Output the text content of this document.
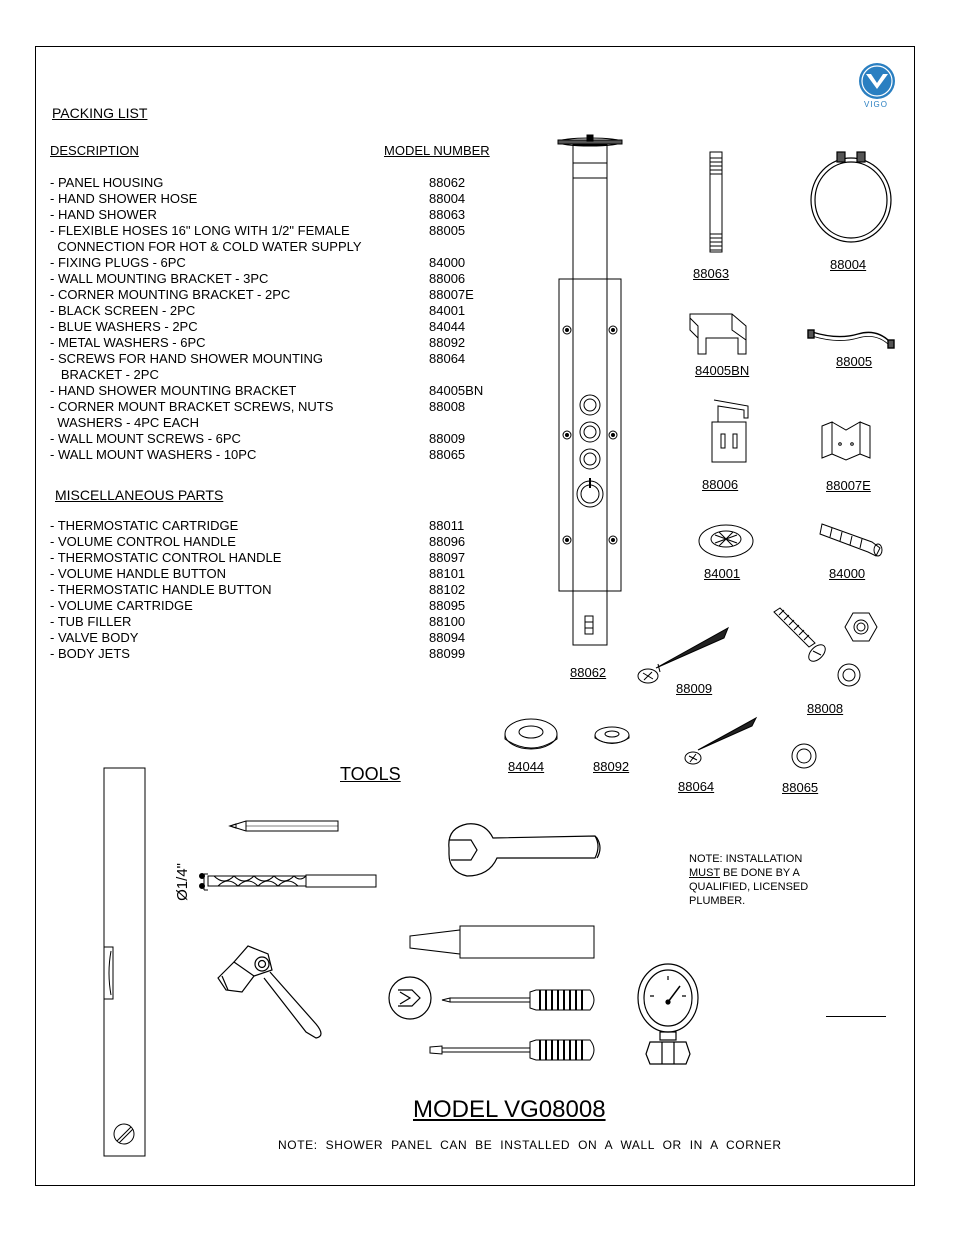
VIGO
PACKING LIST
DESCRIPTION	MODEL NUMBER
- PANEL HOUSING	88062
- HAND SHOWER HOSE	88004
- HAND SHOWER	88063
- FLEXIBLE HOSES 16" LONG WITH 1/2" FEMALE	88005
CONNECTION FOR HOT & COLD WATER SUPPLY
- FIXING PLUGS - 6PC	84000
- WALL MOUNTING BRACKET - 3PC	88006
- CORNER MOUNTING BRACKET - 2PC	88007E
- BLACK SCREEN - 2PC	84001
- BLUE WASHERS - 2PC	84044
- METAL WASHERS - 6PC	88092
- SCREWS FOR HAND SHOWER MOUNTING	88064
BRACKET - 2PC
- HAND SHOWER MOUNTING BRACKET	84005BN
- CORNER MOUNT BRACKET SCREWS, NUTS	88008
WASHERS - 4PC EACH
- WALL MOUNT SCREWS - 6PC	88009
- WALL MOUNT WASHERS - 10PC	88065
MISCELLANEOUS PARTS
- THERMOSTATIC CARTRIDGE	88011
- VOLUME CONTROL HANDLE	88096
- THERMOSTATIC CONTROL HANDLE	88097
- VOLUME HANDLE BUTTON	88101
- THERMOSTATIC HANDLE BUTTON	88102
- VOLUME CARTRIDGE	88095
- TUB FILLER	88100
- VALVE BODY	88094
- BODY JETS	88099
88062
88063
88004
84005BN
88005
88006	88007E
84001	84000
88008
88009
84044	88092
88064	88065
TOOLS
Ø1/4"
NOTE: INSTALLATION
MUST BE DONE BY A
QUALIFIED, LICENSED
PLUMBER.
MODEL VG08008
NOTE: SHOWER PANEL CAN BE INSTALLED ON A WALL OR IN A CORNER
